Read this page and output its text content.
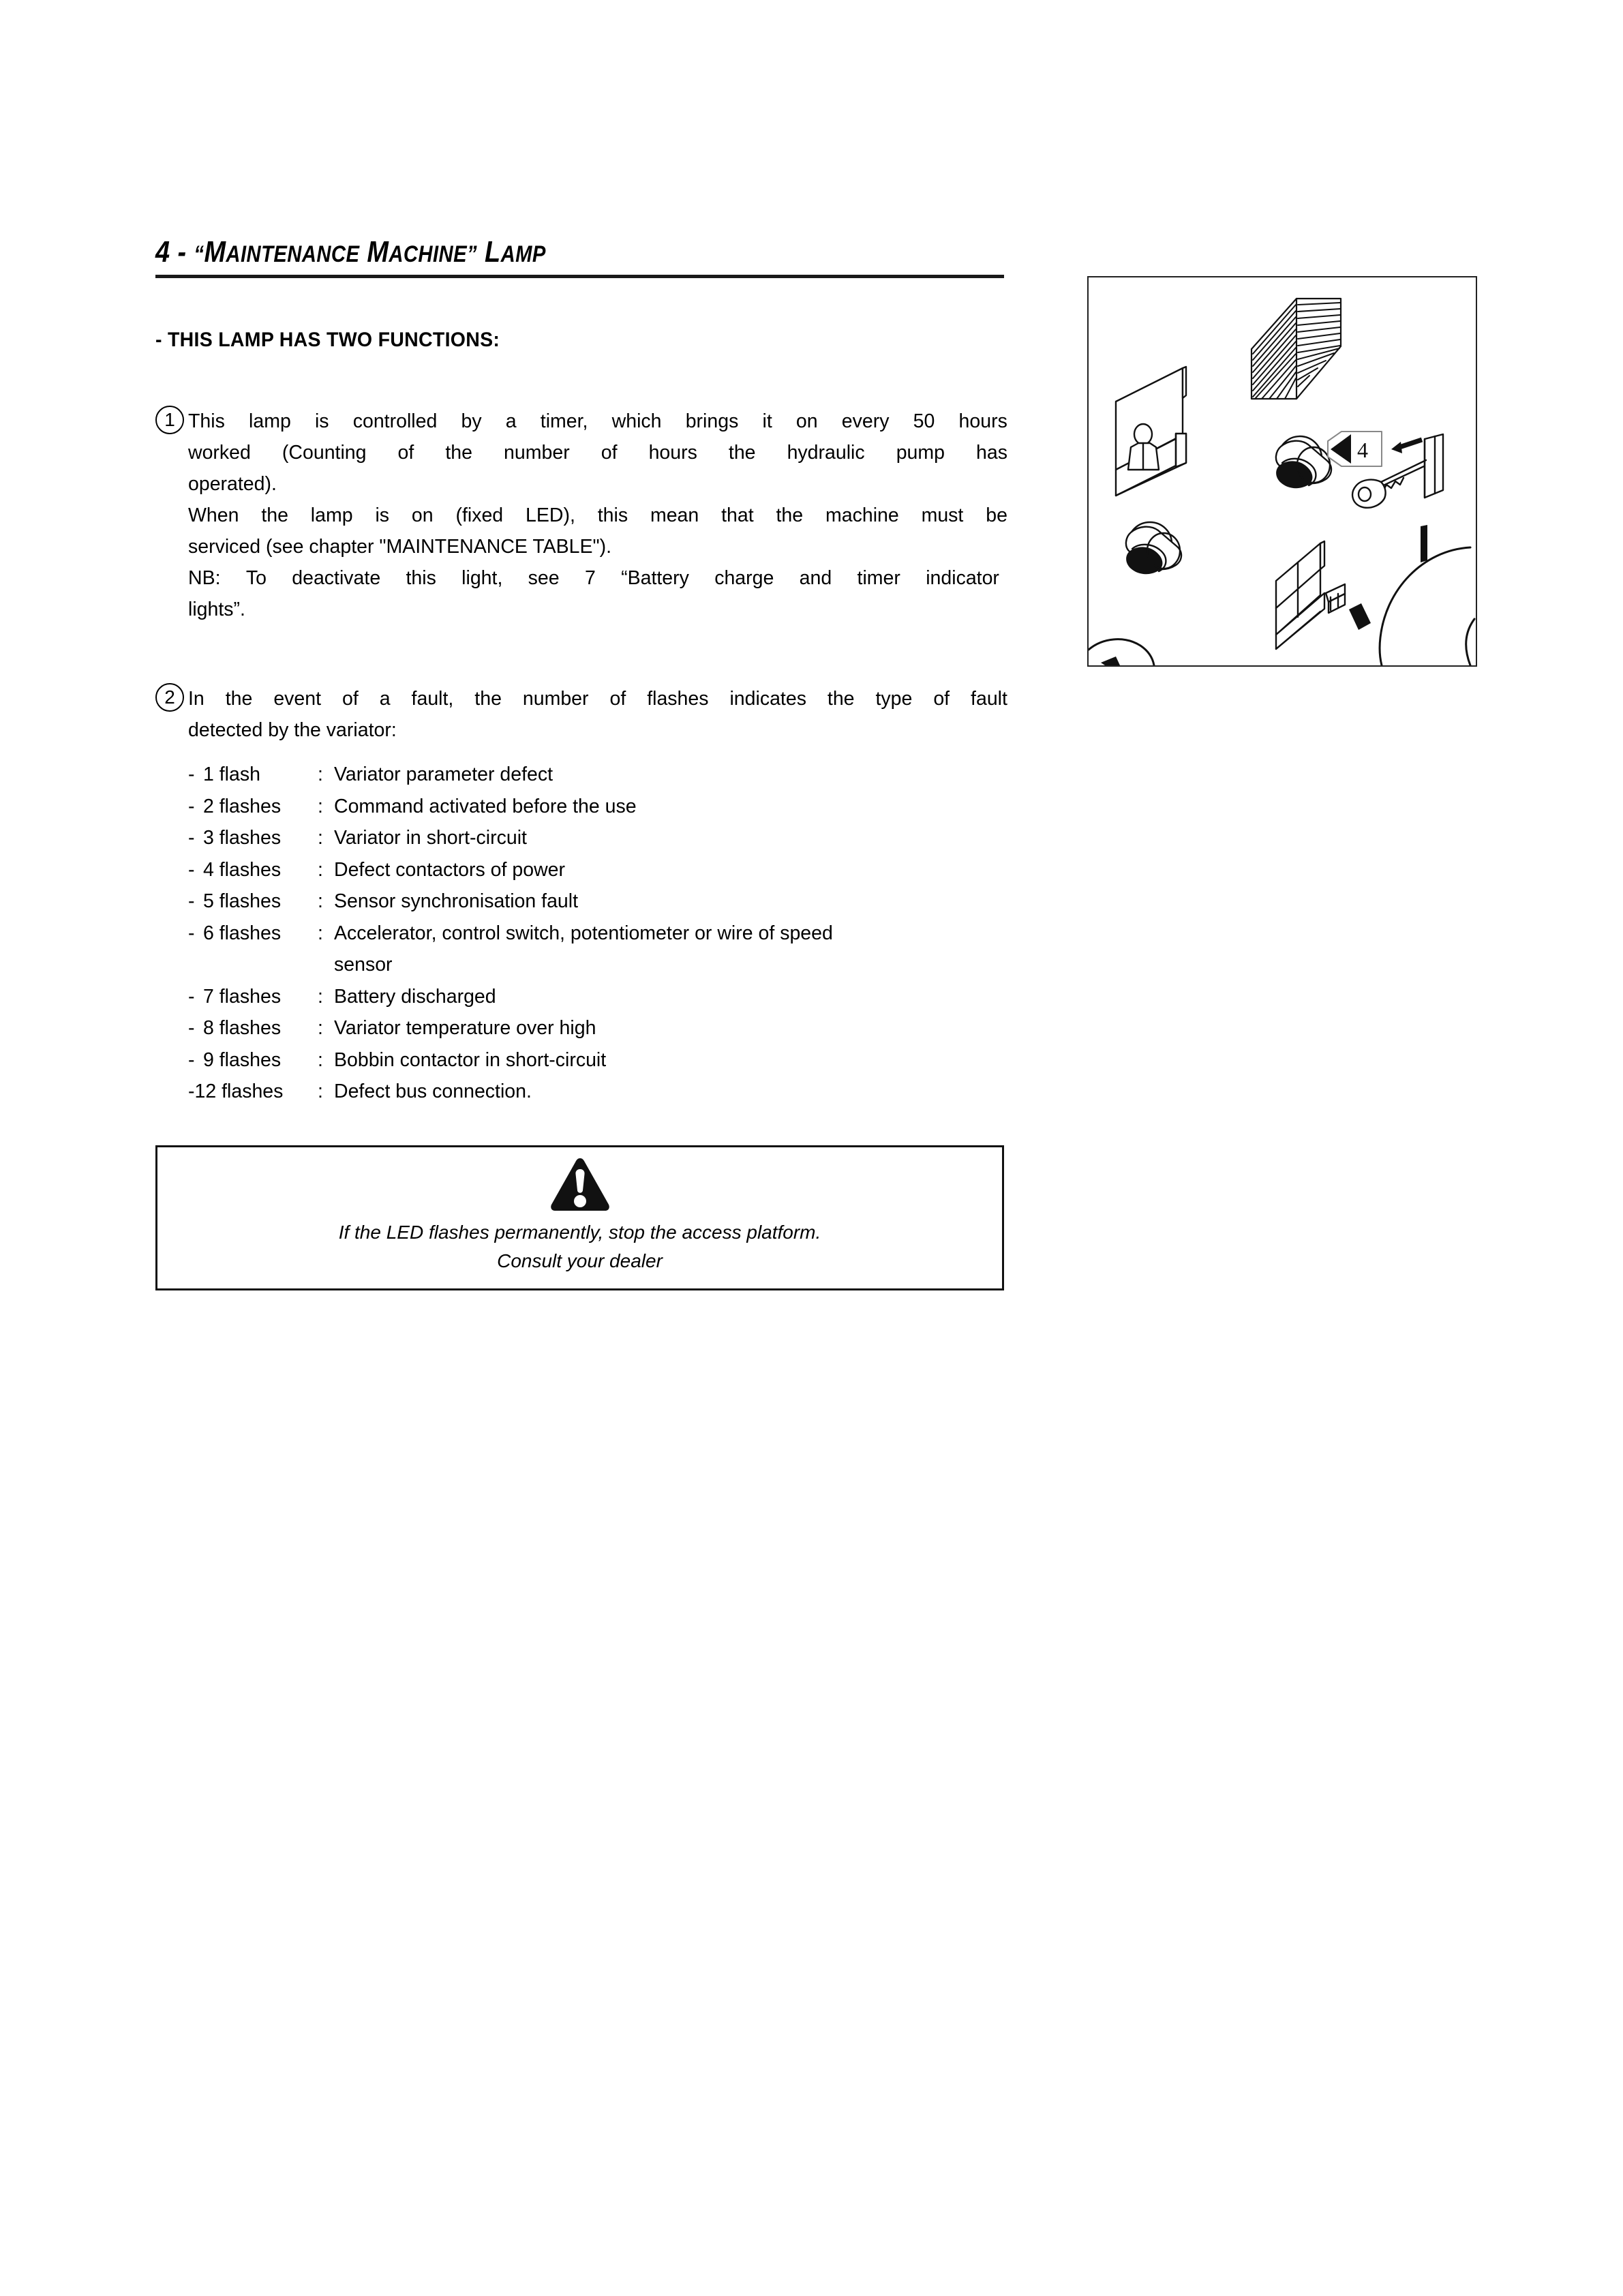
4 - “MAINTENANCE MACHINE” LAMP
- THIS LAMP HAS TWO FUNCTIONS:
1 This lamp is controlled by a timer, which brings it on every 50 hours
worked (Counting of the number of hours the hydraulic pump has
operated).
When the lamp is on (fixed LED), this mean that the machine must be
serviced (see chapter "MAINTENANCE TABLE").
NB: To deactivate this light, see 7 “Battery charge and timer indicator
lights”.
2 In the event of a fault, the number of flashes indicates the type of fault
detected by the variator:
- 1 flash	: Variator parameter defect
- 2 flashes	: Command activated before the use
- 3 flashes	: Variator in short-circuit
- 4 flashes	: Defect contactors of power
- 5 flashes	: Sensor synchronisation fault
- 6 flashes	: Accelerator, control switch, potentiometer or wire of speed
sensor
- 7 flashes	: Battery discharged
- 8 flashes	: Variator temperature over high
- 9 flashes	: Bobbin contactor in short-circuit
-12 flashes	: Defect bus connection.
If the LED flashes permanently, stop the access platform.
Consult your dealer
4
